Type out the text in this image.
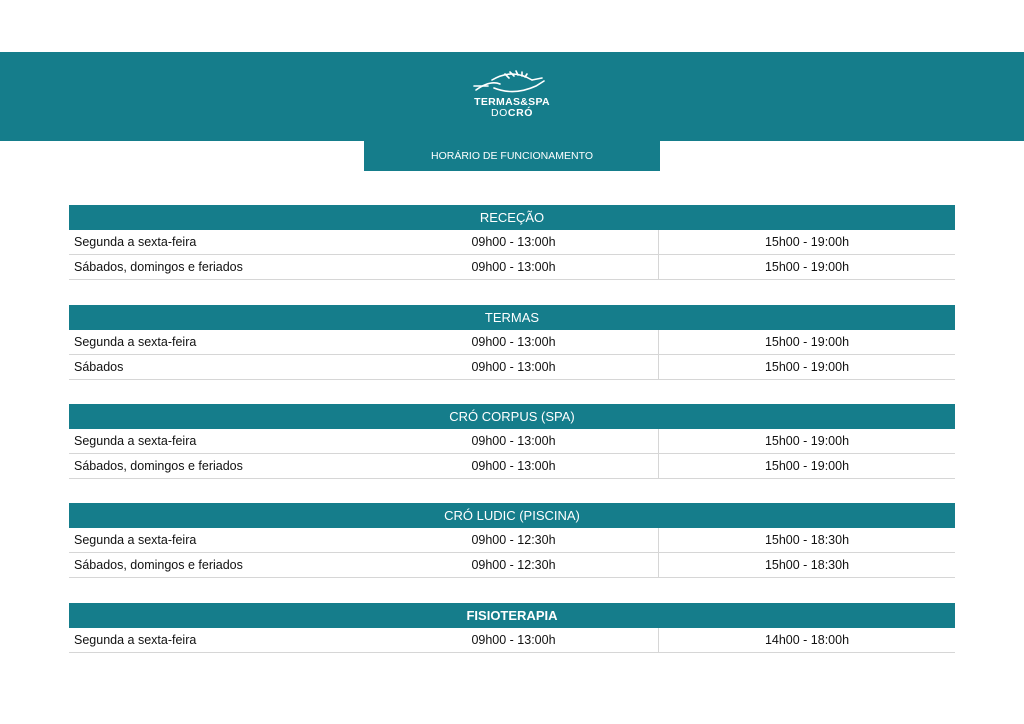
TERMAS&SPA
DOCRÓ
HORÁRIO DE FUNCIONAMENTO
RECEÇÃO
Segunda a sexta-feira	09h00 - 13:00h	15h00 - 19:00h
Sábados, domingos e feriados	09h00 - 13:00h	15h00 - 19:00h
TERMAS
Segunda a sexta-feira	09h00 - 13:00h	15h00 - 19:00h
Sábados	09h00 - 13:00h	15h00 - 19:00h
CRÓ CORPUS (SPA)
Segunda a sexta-feira	09h00 - 13:00h	15h00 - 19:00h
Sábados, domingos e feriados	09h00 - 13:00h	15h00 - 19:00h
CRÓ LUDIC (PISCINA)
Segunda a sexta-feira	09h00 - 12:30h	15h00 - 18:30h
Sábados, domingos e feriados	09h00 - 12:30h	15h00 - 18:30h
FISIOTERAPIA
Segunda a sexta-feira	09h00 - 13:00h	14h00 - 18:00h
